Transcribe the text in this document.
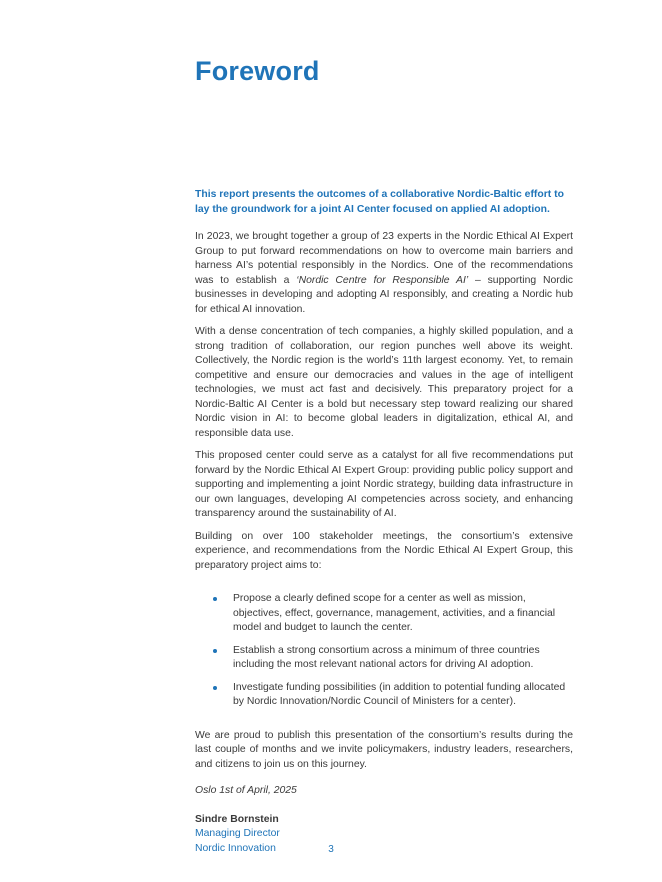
Foreword

This report presents the outcomes of a collaborative Nordic-Baltic effort to lay the groundwork for a joint AI Center focused on applied AI adoption.

In 2023, we brought together a group of 23 experts in the Nordic Ethical AI Expert Group to put forward recommendations on how to overcome main barriers and harness AI’s potential responsibly in the Nordics. One of the recommendations was to establish a ‘Nordic Centre for Responsible AI’ – supporting Nordic businesses in developing and adopting AI responsibly, and creating a Nordic hub for ethical AI innovation.

With a dense concentration of tech companies, a highly skilled population, and a strong tradition of collaboration, our region punches well above its weight. Collectively, the Nordic region is the world’s 11th largest economy. Yet, to remain competitive and ensure our democracies and values in the age of intelligent technologies, we must act fast and decisively. This preparatory project for a Nordic-Baltic AI Center is a bold but necessary step toward realizing our shared Nordic vision in AI: to become global leaders in digitalization, ethical AI, and responsible data use.

This proposed center could serve as a catalyst for all five recommendations put forward by the Nordic Ethical AI Expert Group: providing public policy support and supporting and implementing a joint Nordic strategy, building data infrastructure in our own languages, developing AI competencies across society, and enhancing transparency around the sustainability of AI.

Building on over 100 stakeholder meetings, the consortium’s extensive experience, and recommendations from the Nordic Ethical AI Expert Group, this preparatory project aims to:

Propose a clearly defined scope for a center as well as mission, objectives, effect, governance, management, activities, and a financial model and budget to launch the center.
Establish a strong consortium across a minimum of three countries including the most relevant national actors for driving AI adoption.
Investigate funding possibilities (in addition to potential funding allocated by Nordic Innovation/Nordic Council of Ministers for a center).

We are proud to publish this presentation of the consortium’s results during the last couple of months and we invite policymakers, industry leaders, researchers, and citizens to join us on this journey.

Oslo 1st of April, 2025

Sindre Bornstein

Managing Director

Nordic Innovation	3
